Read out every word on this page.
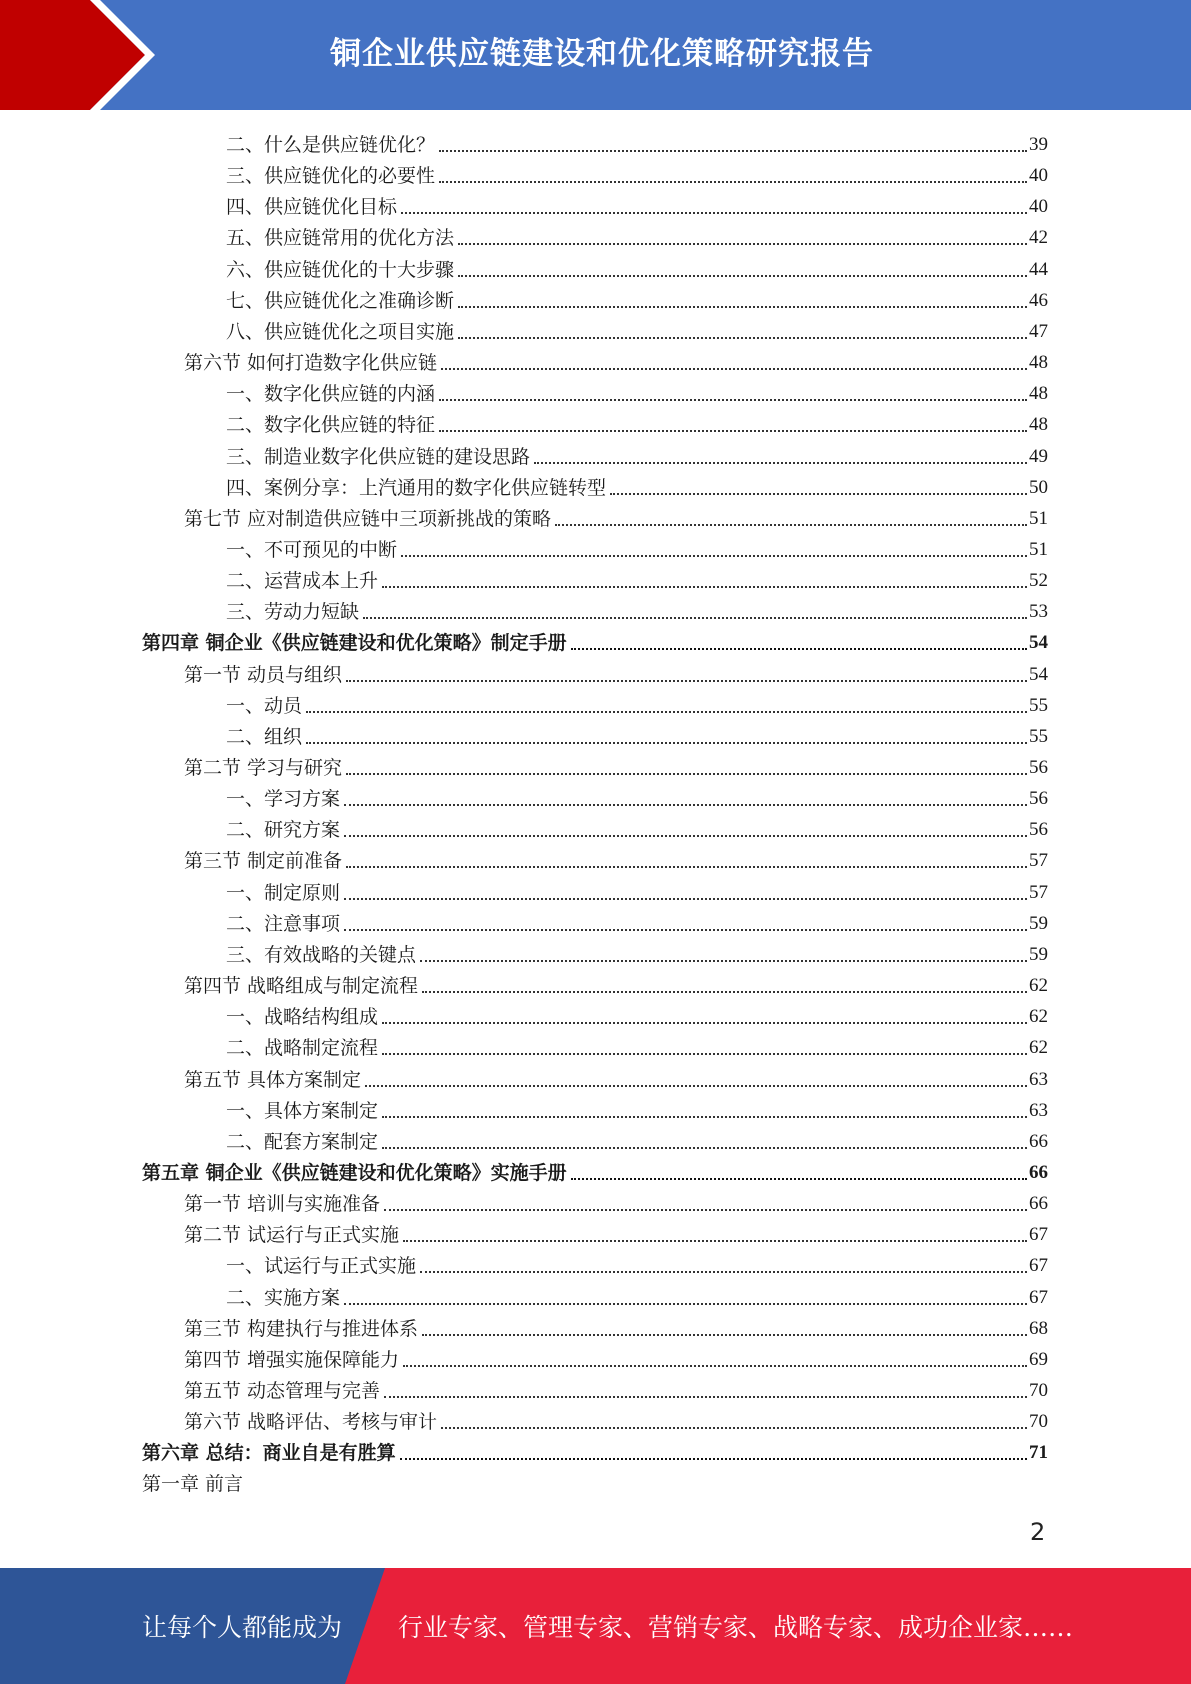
铜企业供应链建设和优化策略研究报告
二、什么是供应链优化？	39
三、供应链优化的必要性	40
四、供应链优化目标	40
五、供应链常用的优化方法	42
六、供应链优化的十大步骤	44
七、供应链优化之准确诊断	46
八、供应链优化之项目实施	47
第六节 如何打造数字化供应链	48
一、数字化供应链的内涵	48
二、数字化供应链的特征	48
三、制造业数字化供应链的建设思路	49
四、案例分享：上汽通用的数字化供应链转型	50
第七节 应对制造供应链中三项新挑战的策略	51
一、不可预见的中断	51
二、运营成本上升	52
三、劳动力短缺	53
第四章 铜企业《供应链建设和优化策略》制定手册	54
第一节 动员与组织	54
一、动员	55
二、组织	55
第二节 学习与研究	56
一、学习方案	56
二、研究方案	56
第三节 制定前准备	57
一、制定原则	57
二、注意事项	59
三、有效战略的关键点	59
第四节 战略组成与制定流程	62
一、战略结构组成	62
二、战略制定流程	62
第五节 具体方案制定	63
一、具体方案制定	63
二、配套方案制定	66
第五章 铜企业《供应链建设和优化策略》实施手册	66
第一节 培训与实施准备	66
第二节 试运行与正式实施	67
一、试运行与正式实施	67
二、实施方案	67
第三节 构建执行与推进体系	68
第四节 增强实施保障能力	69
第五节 动态管理与完善	70
第六节 战略评估、考核与审计	70
第六章 总结：商业自是有胜算	71
第一章 前言
2
让每个人都能成为 行业专家、管理专家、营销专家、战略专家、成功企业家……
